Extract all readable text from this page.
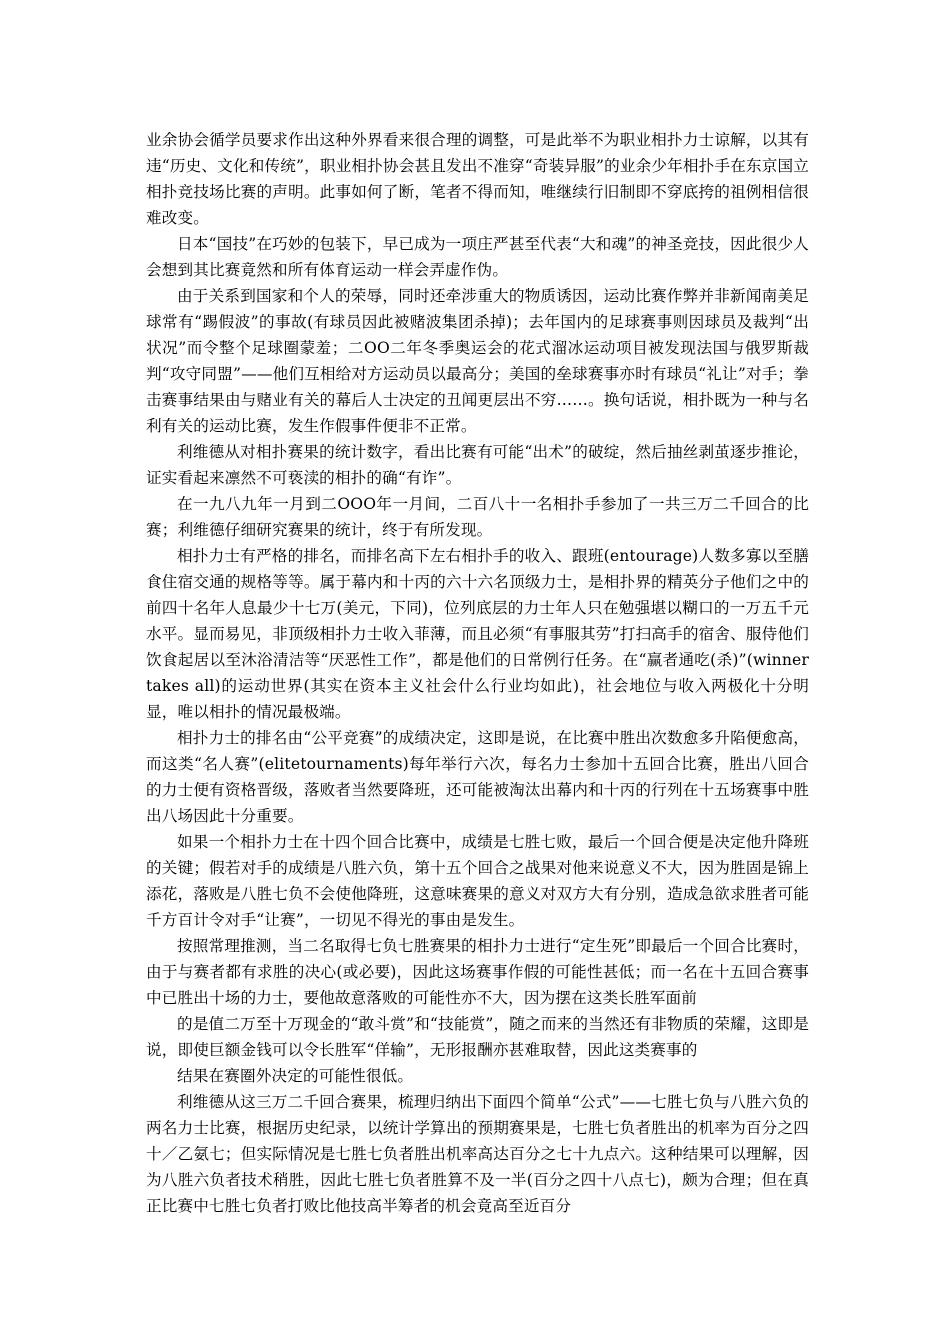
业余协会循学员要求作出这种外界看来很合理的调整，可是此举不为职业相扑力士谅解，以其有违“历史、文化和传统”，职业相扑协会甚且发出不准穿“奇装异服”的业余少年相扑手在东京国立相扑竞技场比赛的声明。此事如何了断，笔者不得而知，唯继续行旧制即不穿底挎的祖例相信很难改变。

日本“国技”在巧妙的包装下，早已成为一项庄严甚至代表“大和魂”的神圣竞技，因此很少人会想到其比赛竟然和所有体育运动一样会弄虚作伪。

由于关系到国家和个人的荣辱，同时还牵涉重大的物质诱因，运动比赛作弊并非新闻南美足球常有“踢假波”的事故(有球员因此被赌波集团杀掉)；去年国内的足球赛事则因球员及裁判“出状况”而令整个足球圈蒙羞；二OO二年冬季奥运会的花式溜冰运动项目被发现法国与俄罗斯裁判“攻守同盟”——他们互相给对方运动员以最高分；美国的垒球赛事亦时有球员“礼让”对手；拳击赛事结果由与赌业有关的幕后人士决定的丑闻更层出不穷……。换句话说，相扑既为一种与名利有关的运动比赛，发生作假事件便非不正常。

利维德从对相扑赛果的统计数字，看出比赛有可能“出术”的破绽，然后抽丝剥茧逐步推论，证实看起来凛然不可亵渎的相扑的确“有诈”。

在一九八九年一月到二OOO年一月间，二百八十一名相扑手参加了一共三万二千回合的比赛；利维德仔细研究赛果的统计，终于有所发现。

相扑力士有严格的排名，而排名高下左右相扑手的收入、跟班(entourage)人数多寡以至膳食住宿交通的规格等等。属于幕内和十丙的六十六名顶级力士，是相扑界的精英分子他们之中的前四十名年人息最少十七万(美元，下同)，位列底层的力士年人只在勉强堪以糊口的一万五千元水平。显而易见，非顶级相扑力士收入菲薄，而且必须“有事服其劳”打扫高手的宿舍、服侍他们饮食起居以至沐浴清洁等“厌恶性工作”，都是他们的日常例行任务。在“赢者通吃(杀)”(winner takes all)的运动世界(其实在资本主义社会什么行业均如此)，社会地位与收入两极化十分明显，唯以相扑的情况最极端。

相扑力士的排名由“公平竞赛”的成绩决定，这即是说，在比赛中胜出次数愈多升陷便愈高，而这类“名人赛”(elitetournaments)每年举行六次，每名力士参加十五回合比赛，胜出八回合的力士便有资格晋级，落败者当然要降班，还可能被淘汰出幕内和十丙的行列在十五场赛事中胜出八场因此十分重要。

如果一个相扑力士在十四个回合比赛中，成绩是七胜七败，最后一个回合便是决定他升降班的关键；假若对手的成绩是八胜六负，第十五个回合之战果对他来说意义不大，因为胜固是锦上添花，落败是八胜七负不会使他降班，这意味赛果的意义对双方大有分别，造成急欲求胜者可能千方百计令对手“让赛”，一切见不得光的事由是发生。

按照常理推测，当二名取得七负七胜赛果的相扑力士进行“定生死”即最后一个回合比赛时，由于与赛者都有求胜的决心(或必要)，因此这场赛事作假的可能性甚低；而一名在十五回合赛事中已胜出十场的力士，要他故意落败的可能性亦不大，因为摆在这类长胜军面前

的是值二万至十万现金的“敢斗赏”和“技能赏”，随之而来的当然还有非物质的荣耀，这即是说，即使巨额金钱可以令长胜军“佯输”，无形报酬亦甚难取替，因此这类赛事的

结果在赛圈外决定的可能性很低。

利维德从这三万二千回合赛果，梳理归纳出下面四个简单“公式”——七胜七负与八胜六负的两名力士比赛，根据历史纪录，以统计学算出的预期赛果是，七胜七负者胜出的机率为百分之四十／乙氨七；但实际情况是七胜七负者胜出机率高达百分之七十九点六。这种结果可以理解，因为八胜六负者技术稍胜，因此七胜七负者胜算不及一半(百分之四十八点七)，颇为合理；但在真正比赛中七胜七负者打败比他技高半筹者的机会竟高至近百分
